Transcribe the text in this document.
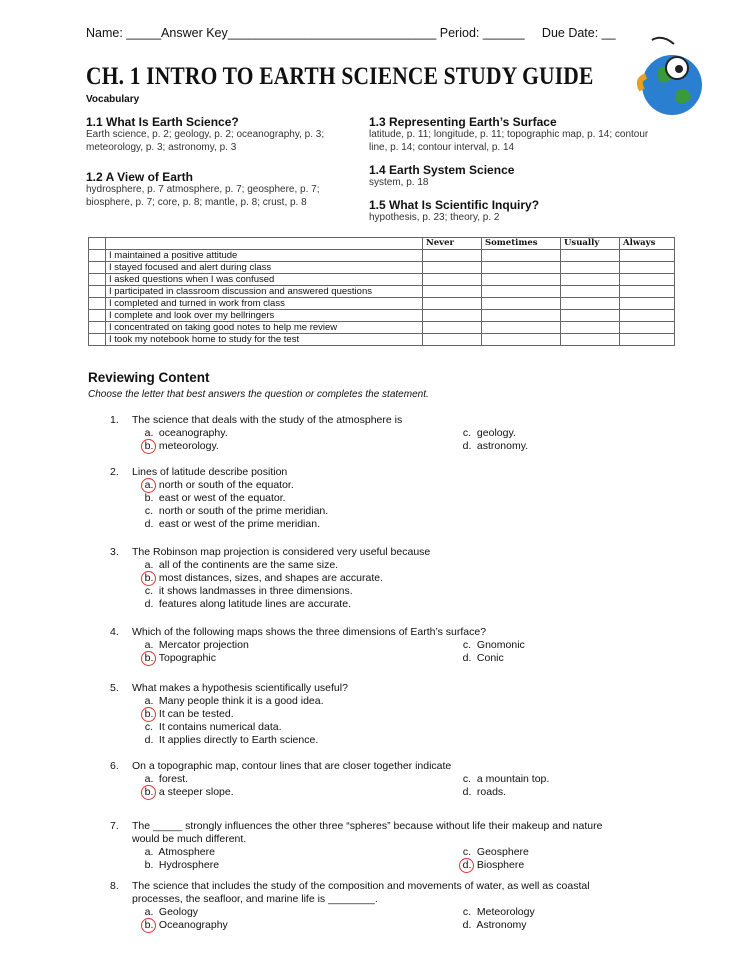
Name: _____Answer Key______________________________ Period: ______     Due Date: __
CH. 1 INTRO TO EARTH SCIENCE STUDY GUIDE
Vocabulary
1.1 What Is Earth Science?
Earth science, p. 2; geology, p. 2; oceanography, p. 3; meteorology, p. 3; astronomy, p. 3
1.2 A View of Earth
hydrosphere, p. 7 atmosphere, p. 7; geosphere, p. 7; biosphere, p. 7; core, p. 8; mantle, p. 8; crust, p. 8
1.3 Representing Earth’s Surface
latitude, p. 11; longitude, p. 11; topographic map, p. 14; contour line, p. 14; contour interval, p. 14
1.4 Earth System Science
system, p. 18
1.5 What Is Scientific Inquiry?
hypothesis, p. 23; theory, p. 2
		Never	Sometimes	Usually	Always
	I maintained a positive attitude				
	I stayed focused and alert during class				
	I asked questions when I was confused				
	I participated in classroom discussion and answered questions				
	I completed and turned in work from class				
	I complete and look over my bellringers				
	I concentrated on taking good notes to help me review				
	I took my notebook home to study for the test				
Reviewing Content
Choose the letter that best answers the question or completes the statement.
1. The science that deals with the study of the atmosphere is
a. oceanography.
b. meteorology.
c. geology.
d. astronomy.
2. Lines of latitude describe position
a. north or south of the equator.
b. east or west of the equator.
c. north or south of the prime meridian.
d. east or west of the prime meridian.
3. The Robinson map projection is considered very useful because
a. all of the continents are the same size.
b. most distances, sizes, and shapes are accurate.
c. it shows landmasses in three dimensions.
d. features along latitude lines are accurate.
4. Which of the following maps shows the three dimensions of Earth’s surface?
a. Mercator projection
b. Topographic
c. Gnomonic
d. Conic
5. What makes a hypothesis scientifically useful?
a. Many people think it is a good idea.
b. It can be tested.
c. It contains numerical data.
d. It applies directly to Earth science.
6. On a topographic map, contour lines that are closer together indicate
a. forest.
b. a steeper slope.
c. a mountain top.
d. roads.
7. The _____ strongly influences the other three “spheres” because without life their makeup and nature would be much different.
a. Atmosphere
b. Hydrosphere
c. Geosphere
d. Biosphere
8. The science that includes the study of the composition and movements of water, as well as coastal processes, the seafloor, and marine life is ________.
a. Geology
b. Oceanography
c. Meteorology
d. Astronomy
